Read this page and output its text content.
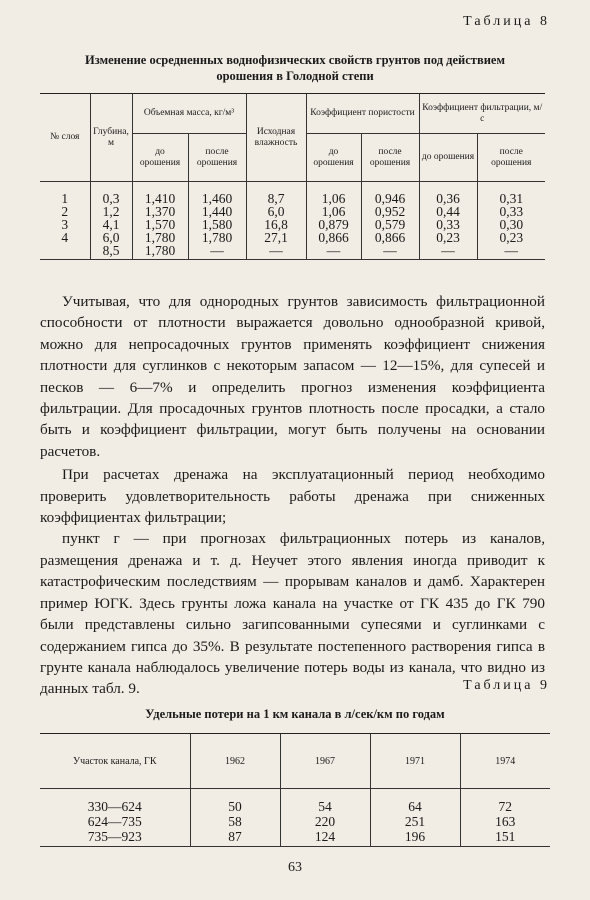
Таблица 8
Изменение осредненных воднофизических свойств грунтов под действием
орошения в Голодной степи
№ слоя	Глубина, м	Объемная масса, кг/м³		Исходная влажность	Коэффициент пористости		Коэффициент фильтрации, м/с	
		до орошения	после орошения		до орошения	после орошения	до орошения	после орошения
1	0,3	1,410	1,460	8,7	1,06	0,946	0,36	0,31
2	1,2	1,370	1,440	6,0	1,06	0,952	0,44	0,33
3	4,1	1,570	1,580	16,8	0,879	0,579	0,33	0,30
4	6,0	1,780	1,780	27,1	0,866	0,866	0,23	0,23
	8,5	1,780	—	—	—	—	—	—

Учитывая, что для однородных грунтов зависимость фильтрационной способности от плотности выражается довольно однообразной кривой, можно для непросадочных грунтов применять коэффициент снижения плотности для суглинков с некоторым запасом — 12—15%, для супесей и песков — 6—7% и определить прогноз изменения коэффициента фильтрации. Для просадочных грунтов плотность после просадки, а стало быть и коэффициент фильтрации, могут быть получены на основании расчетов.

При расчетах дренажа на эксплуатационный период необходимо проверить удовлетворительность работы дренажа при сниженных коэффициентах фильтрации;

пункт г — при прогнозах фильтрационных потерь из каналов, размещения дренажа и т. д. Неучет этого явления иногда приводит к катастрофическим последствиям — прорывам каналов и дамб. Характерен пример ЮГК. Здесь грунты ложа канала на участке от ГК 435 до ГК 790 были представлены сильно загипсованными супесями и суглинками с содержанием гипса до 35%. В результате постепенного растворения гипса в грунте канала наблюдалось увеличение потерь воды из канала, что видно из данных табл. 9.	Таблица 9
Удельные потери на 1 км канала в л/сек/км по годам
Участок канала, ГК	1962	1967	1971	1974
330—624	50	54	64	72
624—735	58	220	251	163
735—923	87	124	196	151
63
